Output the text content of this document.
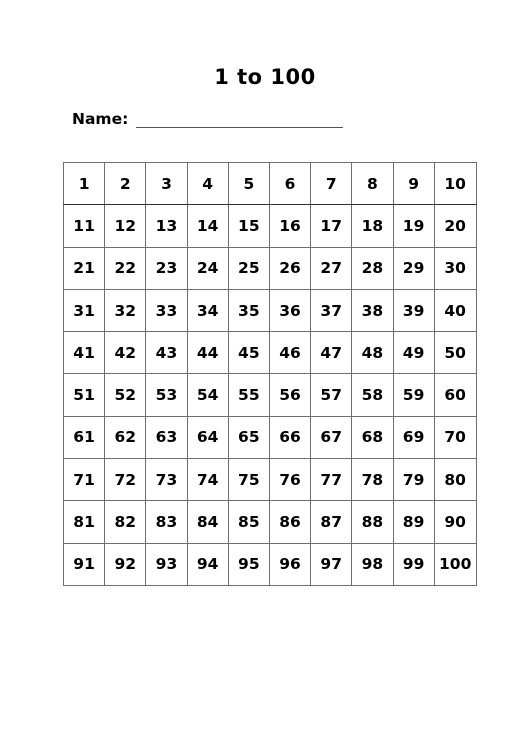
1 to 100
Name:
1	2	3	4	5	6	7	8	9	10
11	12	13	14	15	16	17	18	19	20
21	22	23	24	25	26	27	28	29	30
31	32	33	34	35	36	37	38	39	40
41	42	43	44	45	46	47	48	49	50
51	52	53	54	55	56	57	58	59	60
61	62	63	64	65	66	67	68	69	70
71	72	73	74	75	76	77	78	79	80
81	82	83	84	85	86	87	88	89	90
91	92	93	94	95	96	97	98	99	100
